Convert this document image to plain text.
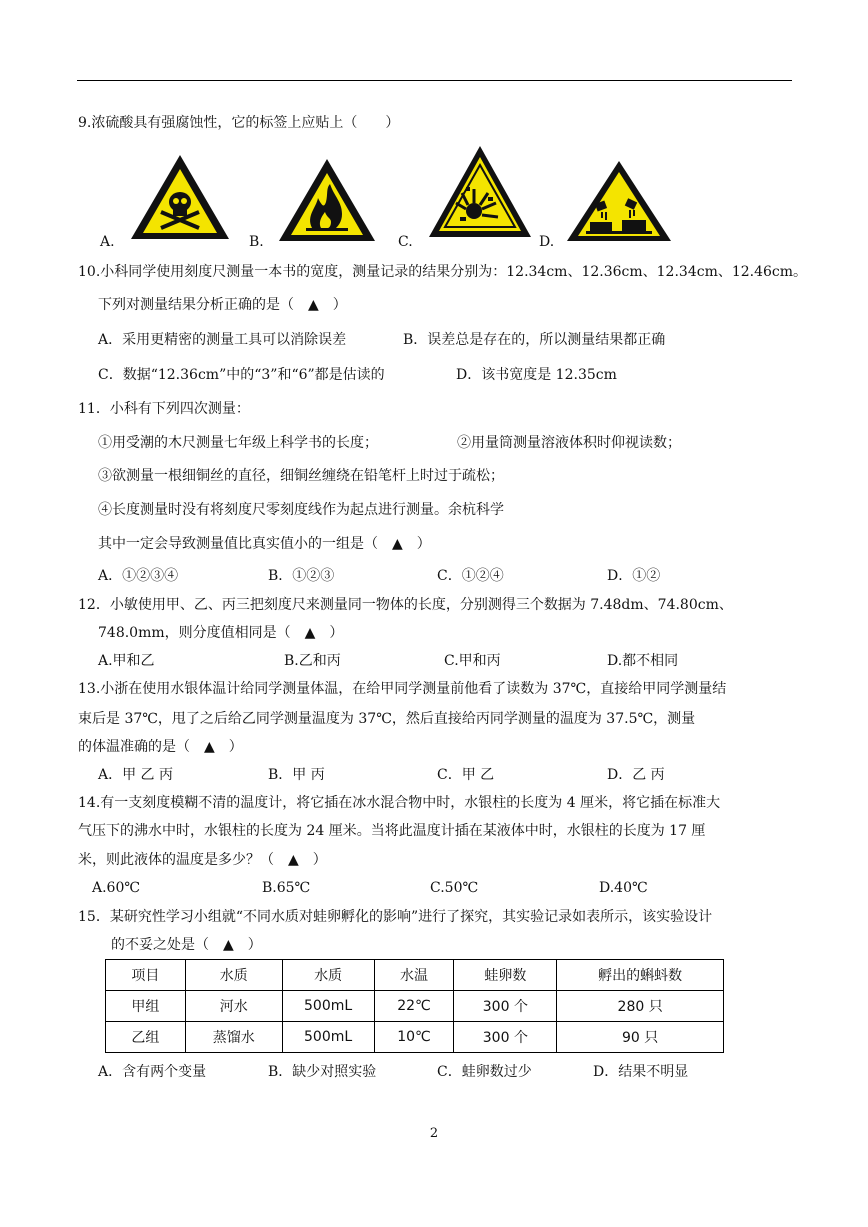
9.浓硫酸具有强腐蚀性，它的标签上应贴上（　　）
A.	B.	C.	D.
10.小科同学使用刻度尺测量一本书的宽度，测量记录的结果分别为：12.34cm、12.36cm、12.34cm、12.46cm。
下列对测量结果分析正确的是（　▲　）
A．采用更精密的测量工具可以消除误差	B．误差总是存在的，所以测量结果都正确
C．数据“12.36cm”中的“3”和“6”都是估读的	D．该书宽度是 12.35cm
11．小科有下列四次测量：
①用受潮的木尺测量七年级上科学书的长度；	②用量筒测量溶液体积时仰视读数；
③欲测量一根细铜丝的直径，细铜丝缠绕在铅笔杆上时过于疏松；
④长度测量时没有将刻度尺零刻度线作为起点进行测量。余杭科学
其中一定会导致测量值比真实值小的一组是（　▲　）
A．①②③④	B．①②③	C．①②④	D．①②
12．小敏使用甲、乙、丙三把刻度尺来测量同一物体的长度，分别测得三个数据为 7.48dm、74.80cm、
748.0mm，则分度值相同是（　▲　）
A.甲和乙	B.乙和丙	C.甲和丙	D.都不相同
13.小浙在使用水银体温计给同学测量体温，在给甲同学测量前他看了读数为 37℃，直接给甲同学测量结
束后是 37℃，甩了之后给乙同学测量温度为 37℃，然后直接给丙同学测量的温度为 37.5℃，测量
的体温准确的是（　▲　）
A．甲 乙 丙	B．甲 丙	C．甲 乙	D．乙 丙
14.有一支刻度模糊不清的温度计，将它插在冰水混合物中时，水银柱的长度为 4 厘米，将它插在标准大
气压下的沸水中时，水银柱的长度为 24 厘米。当将此温度计插在某液体中时，水银柱的长度为 17 厘
米，则此液体的温度是多少？（　▲　）
A.60℃	B.65℃	C.50℃	D.40℃
15．某研究性学习小组就“不同水质对蛙卵孵化的影响”进行了探究，其实验记录如表所示，该实验设计
的不妥之处是（　▲　）
项目	水质	水质	水温	蛙卵数	孵出的蝌蚪数
甲组	河水	500mL	22℃	300 个	280 只
乙组	蒸馏水	500mL	10℃	300 个	90 只
A．含有两个变量	B．缺少对照实验	C．蛙卵数过少	D．结果不明显
2
